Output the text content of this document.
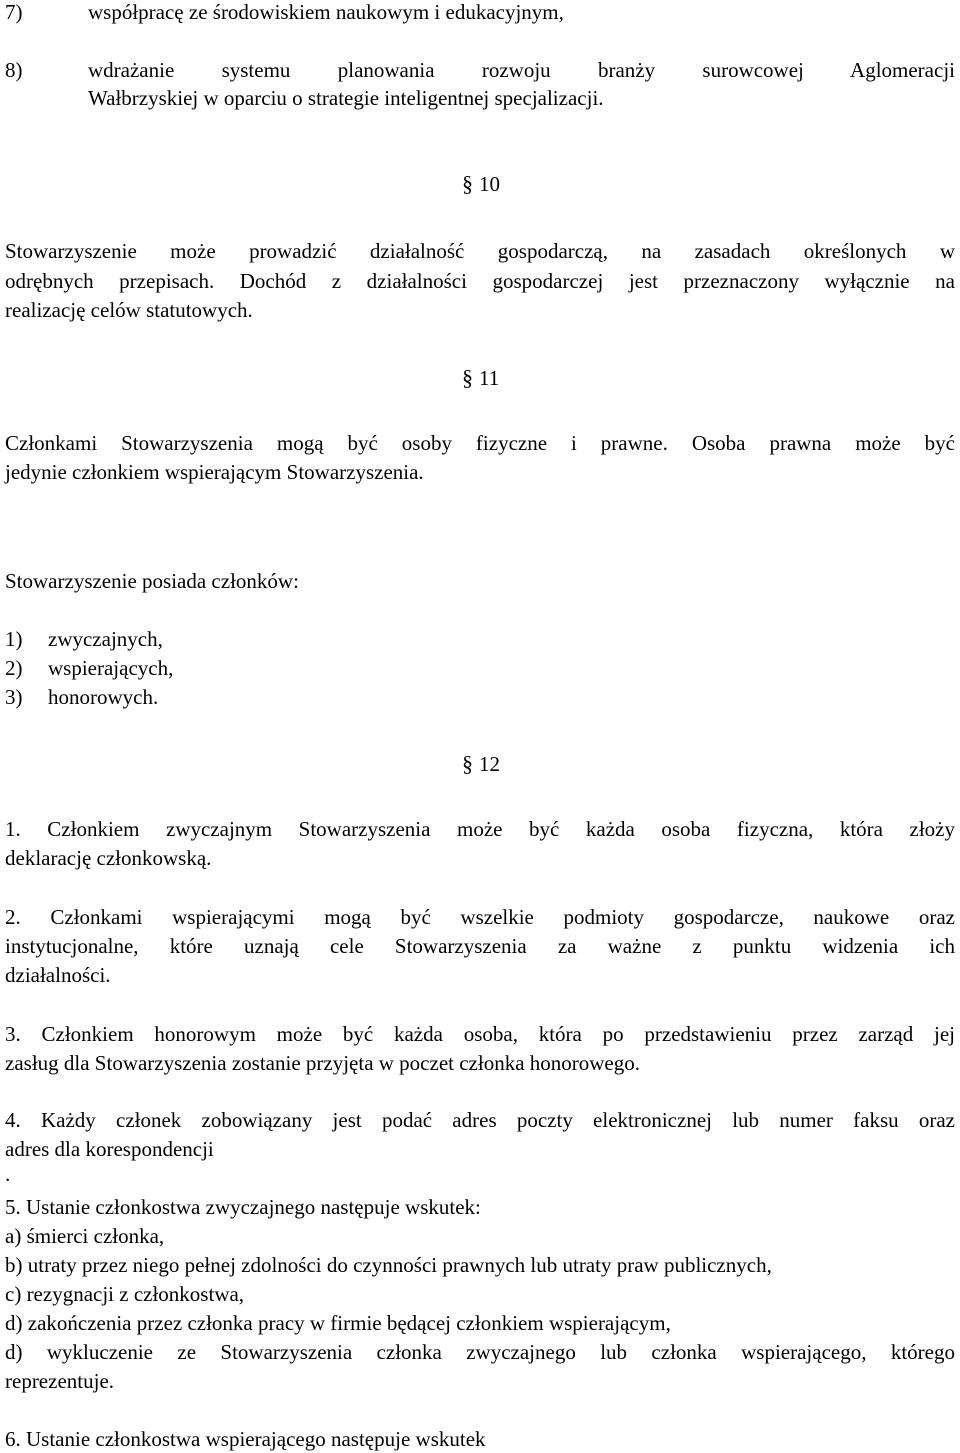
7)	współpracę ze środowiskiem naukowym i edukacyjnym,
8)	wdrażanie systemu planowania rozwoju branży surowcowej Aglomeracji
Wałbrzyskiej w oparciu o strategie inteligentnej specjalizacji.
§ 10
Stowarzyszenie może prowadzić działalność gospodarczą, na zasadach określonych w
odrębnych przepisach. Dochód z działalności gospodarczej jest przeznaczony wyłącznie na
realizację celów statutowych.
§ 11
Członkami Stowarzyszenia mogą być osoby fizyczne i prawne. Osoba prawna może być
jedynie członkiem wspierającym Stowarzyszenia.
Stowarzyszenie posiada członków:
1) zwyczajnych,
2) wspierających,
3) honorowych.
§ 12
1. Członkiem zwyczajnym Stowarzyszenia może być każda osoba fizyczna, która złoży
deklarację członkowską.
2. Członkami wspierającymi mogą być wszelkie podmioty gospodarcze, naukowe oraz
instytucjonalne, które uznają cele Stowarzyszenia za ważne z punktu widzenia ich
działalności.
3. Członkiem honorowym może być każda osoba, która po przedstawieniu przez zarząd jej
zasług dla Stowarzyszenia zostanie przyjęta w poczet członka honorowego.
4. Każdy członek zobowiązany jest podać adres poczty elektronicznej lub numer faksu oraz
adres dla korespondencji
.
5. Ustanie członkostwa zwyczajnego następuje wskutek:
a) śmierci członka,
b) utraty przez niego pełnej zdolności do czynności prawnych lub utraty praw publicznych,
c) rezygnacji z członkostwa,
d) zakończenia przez członka pracy w firmie będącej członkiem wspierającym,
d) wykluczenie ze Stowarzyszenia członka zwyczajnego lub członka wspierającego, którego
reprezentuje.
6. Ustanie członkostwa wspierającego następuje wskutek
